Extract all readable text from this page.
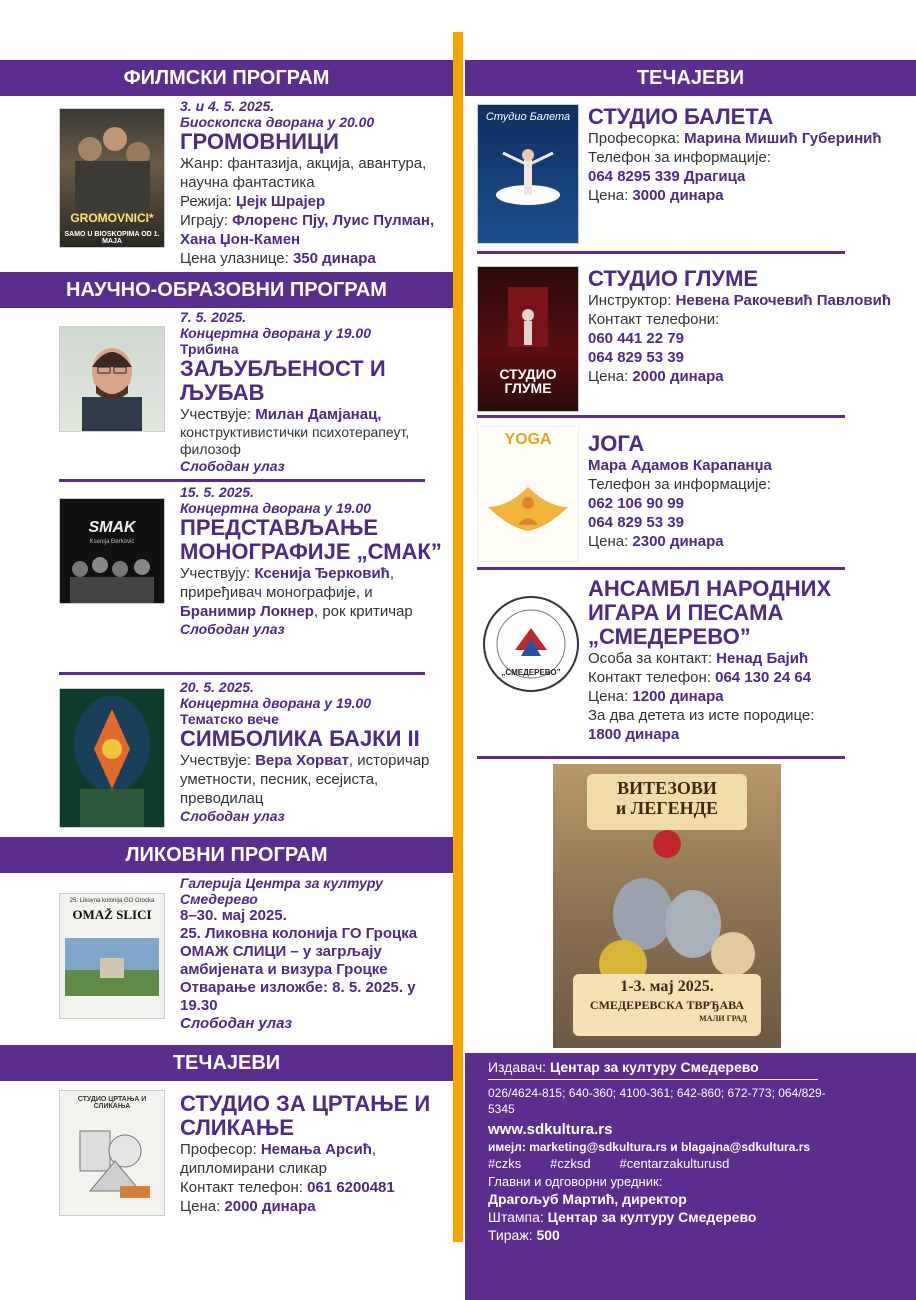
ФИЛМСКИ ПРОГРАМ
GROMOVNICI*
SAMO U BIOSKOPIMA OD 1. MAJA
3. и 4. 5. 2025.
Биоскопска дворана у 20.00
ГРОМОВНИЦИ
Жанр: фантазија, акција, авантура, научна фантастика
Режија: Џејк Шрајер
Играју: Флоренс Пју, Луис Пулман, Хана Џон-Камен
Цена улазнице: 350 динара
НАУЧНО-ОБРАЗОВНИ ПРОГРАМ
7. 5. 2025.
Концертна дворана у 19.00
Трибина
ЗАЉУБЉЕНОСТ И ЉУБАВ
Учествује: Милан Дамјанац,
конструктивистички психотерапеут, филозоф
Слободан улаз
SMAK
Ksenija Đerković
15. 5. 2025.
Концертна дворана у 19.00
ПРЕДСТАВЉАЊЕ МОНОГРАФИЈЕ „СМАК”
Учествују: Ксенија Ђерковић, приређивач монографије, и Бранимир Локнер, рок критичар
Слободан улаз
20. 5. 2025.
Концертна дворана у 19.00
Тематско вече
СИМБОЛИКА БАЈКИ II
Учествује: Вера Хорват, историчар уметности, песник, есејиста, преводилац
Слободан улаз
ЛИКОВНИ ПРОГРАМ
25. Likovna kolonija GO Grocka
OMAŽ SLICI
Галерија Центра за културу Смедерево
8–30. мај 2025.
25. Ликовна колонија ГО Гроцка ОМАЖ СЛИЦИ – у загрљају амбијената и визура Гроцке
Отварање изложбе: 8. 5. 2025. у 19.30
Слободан улаз
ТЕЧАЈЕВИ
СТУДИО ЦРТАЊА И СЛИКАЊА	СТУДИО ЗА ЦРТАЊЕ И СЛИКАЊЕ
Професор: Немања Арсић, дипломирани сликар
Контакт телефон: 061 6200481
Цена: 2000 динара
ТЕЧАЈЕВИ
Студио Балета СТУДИО БАЛЕТА
Професорка: Марина Мишић Губеринић
Телефон за информације:
064 8295 339 Драгица
Цена: 3000 динара
СТУДИО ГЛУМЕ
СТУДИО ГЛУМЕ
Инструктор: Невена Ракочевић Павловић
Контакт телефони:
060 441 22 79
064 829 53 39
Цена: 2000 динара
YOGA	ЈОГА
Мара Адамов Карапанџа
Телефон за информације:
062 106 90 99
064 829 53 39
Цена: 2300 динара
„СМЕДЕРЕВО”
АНСАМБЛ НАРОДНИХ ИГАРА И ПЕСАМА „СМЕДЕРЕВО”
Особа за контакт: Ненад Бајић
Контакт телефон: 064 130 24 64
Цена: 1200 динара
За два детета из исте породице:
1800 динара
ВИТЕЗОВИ
и ЛЕГЕНДЕ
1-3. мај 2025.
СМЕДЕРЕВСКА ТВРЂАВА
МАЛИ ГРАД
Издавач: Центар за културу Смедерево
026/4624-815; 640-360; 4100-361; 642-860; 672-773; 064/829-5345
www.sdkultura.rs
имејл: marketing@sdkultura.rs и blagajna@sdkultura.rs
#czks        #czksd        #centarzakulturusd
Главни и одговорни уредник:
Драгољуб Мартић, директор
Штампа: Центар за културу Смедерево
Тираж: 500
